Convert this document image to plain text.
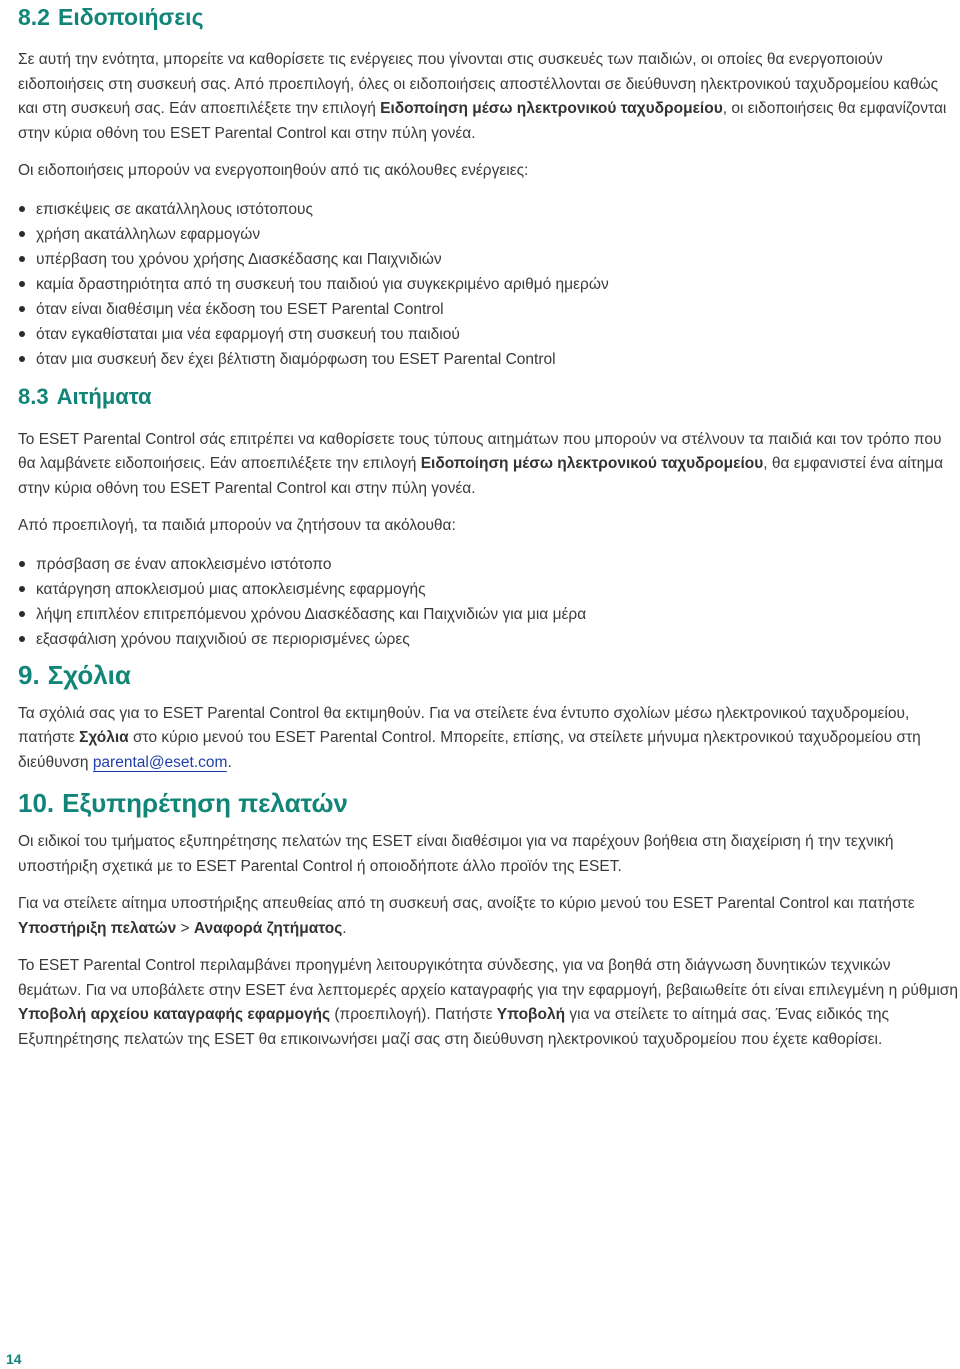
8.2 Ειδοποιήσεις

Σε αυτή την ενότητα, μπορείτε να καθορίσετε τις ενέργειες που γίνονται στις συσκευές των παιδιών, οι οποίες θα ενεργοποιούν ειδοποιήσεις στη συσκευή σας. Από προεπιλογή, όλες οι ειδοποιήσεις αποστέλλονται σε διεύθυνση ηλεκτρονικού ταχυδρομείου καθώς και στη συσκευή σας. Εάν αποεπιλέξετε την επιλογή Ειδοποίηση μέσω ηλεκτρονικού ταχυδρομείου, οι ειδοποιήσεις θα εμφανίζονται στην κύρια οθόνη του ESET Parental Control και στην πύλη γονέα.

Οι ειδοποιήσεις μπορούν να ενεργοποιηθούν από τις ακόλουθες ενέργειες:

επισκέψεις σε ακατάλληλους ιστότοπους
χρήση ακατάλληλων εφαρμογών
υπέρβαση του χρόνου χρήσης Διασκέδασης και Παιχνιδιών
καμία δραστηριότητα από τη συσκευή του παιδιού για συγκεκριμένο αριθμό ημερών
όταν είναι διαθέσιμη νέα έκδοση του ESET Parental Control
όταν εγκαθίσταται μια νέα εφαρμογή στη συσκευή του παιδιού
όταν μια συσκευή δεν έχει βέλτιστη διαμόρφωση του ESET Parental Control
8.3 Αιτήματα

Το ESET Parental Control σάς επιτρέπει να καθορίσετε τους τύπους αιτημάτων που μπορούν να στέλνουν τα παιδιά και τον τρόπο που θα λαμβάνετε ειδοποιήσεις. Εάν αποεπιλέξετε την επιλογή Ειδοποίηση μέσω ηλεκτρονικού ταχυδρομείου, θα εμφανιστεί ένα αίτημα στην κύρια οθόνη του ESET Parental Control και στην πύλη γονέα.

Από προεπιλογή, τα παιδιά μπορούν να ζητήσουν τα ακόλουθα:

πρόσβαση σε έναν αποκλεισμένο ιστότοπο
κατάργηση αποκλεισμού μιας αποκλεισμένης εφαρμογής
λήψη επιπλέον επιτρεπόμενου χρόνου Διασκέδασης και Παιχνιδιών για μια μέρα
εξασφάλιση χρόνου παιχνιδιού σε περιορισμένες ώρες
9. Σχόλια

Τα σχόλιά σας για το ESET Parental Control θα εκτιμηθούν. Για να στείλετε ένα έντυπο σχολίων μέσω ηλεκτρονικού ταχυδρομείου, πατήστε Σχόλια στο κύριο μενού του ESET Parental Control. Μπορείτε, επίσης, να στείλετε μήνυμα ηλεκτρονικού ταχυδρομείου στη διεύθυνση parental@eset.com.

10. Εξυπηρέτηση πελατών

Οι ειδικοί του τμήματος εξυπηρέτησης πελατών της ESET είναι διαθέσιμοι για να παρέχουν βοήθεια στη διαχείριση ή την τεχνική υποστήριξη σχετικά με το ESET Parental Control ή οποιοδήποτε άλλο προϊόν της ESET.

Για να στείλετε αίτημα υποστήριξης απευθείας από τη συσκευή σας, ανοίξτε το κύριο μενού του ESET Parental Control και πατήστε Υποστήριξη πελατών > Αναφορά ζητήματος.

Το ESET Parental Control περιλαμβάνει προηγμένη λειτουργικότητα σύνδεσης, για να βοηθά στη διάγνωση δυνητικών τεχνικών θεμάτων. Για να υποβάλετε στην ESET ένα λεπτομερές αρχείο καταγραφής για την εφαρμογή, βεβαιωθείτε ότι είναι επιλεγμένη η ρύθμιση Υποβολή αρχείου καταγραφής εφαρμογής (προεπιλογή). Πατήστε Υποβολή για να στείλετε το αίτημά σας. Ένας ειδικός της Εξυπηρέτησης πελατών της ESET θα επικοινωνήσει μαζί σας στη διεύθυνση ηλεκτρονικού ταχυδρομείου που έχετε καθορίσει.

14
